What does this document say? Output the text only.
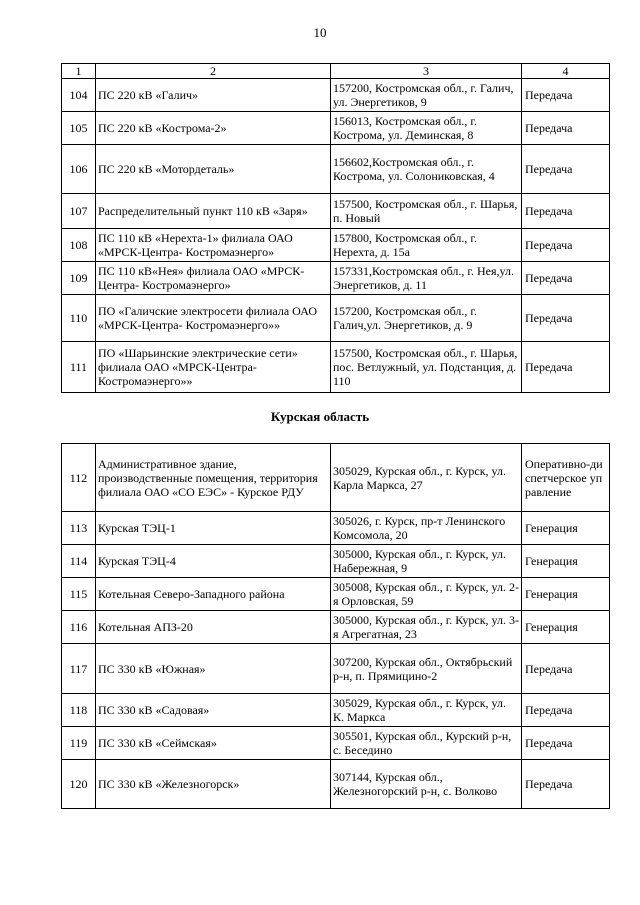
10
1	2	3	4
104	ПС 220 кВ «Галич»	157200, Костромская обл., г. Галич, ул. Энергетиков, 9	Передача
105	ПС 220 кВ «Кострома-2»	156013, Костромская обл., г. Кострома, ул. Деминская, 8	Передача
106	ПС 220 кВ «Мотордеталь»	156602,Костромская обл., г. Кострома, ул. Солониковская, 4	Передача
107	Распределительный пункт 110 кВ «Заря»	157500, Костромская обл., г. Шарья, п. Новый	Передача
108	ПС 110 кВ «Нерехта-1» филиала ОАО «МРСК-Центра- Костромаэнерго»	157800, Костромская обл., г. Нерехта, д. 15а	Передача
109	ПС 110 кВ«Нея» филиала ОАО «МРСК-Центра- Костромаэнерго»	157331,Костромская обл., г. Нея,ул. Энергетиков, д. 11	Передача
110	ПО «Галичские электросети филиала ОАО «МРСК-Центра- Костромаэнерго»»	157200, Костромская обл., г. Галич,ул. Энергетиков, д. 9	Передача
111	ПО «Шарьинские электрические сети» филиала ОАО «МРСК-Центра- Костромаэнерго»»	157500, Костромская обл., г. Шарья, пос. Ветлужный, ул. Подстанция, д. 110	Передача
Курская область
112	Административное здание, производственные помещения, территория филиала ОАО «СО ЕЭС» - Курское РДУ	305029, Курская обл., г. Курск, ул. Карла Маркса, 27	Оперативно-диспетчерское управление
113	Курская ТЭЦ-1	305026, г. Курск, пр-т Ленинского Комсомола, 20	Генерация
114	Курская ТЭЦ-4	305000, Курская обл., г. Курск, ул. Набережная, 9	Генерация
115	Котельная Северо-Западного района	305008, Курская обл., г. Курск, ул. 2-я Орловская, 59	Генерация
116	Котельная АПЗ-20	305000, Курская обл., г. Курск, ул. 3-я Агрегатная, 23	Генерация
117	ПС 330 кВ «Южная»	307200, Курская обл., Октябрьский р-н, п. Прямицино-2	Передача
118	ПС 330 кВ «Садовая»	305029, Курская обл., г. Курск, ул. К. Маркса	Передача
119	ПС 330 кВ «Сеймская»	305501, Курская обл., Курский р-н, с. Беседино	Передача
120	ПС 330 кВ «Железногорск»	307144, Курская обл., Железногорский р-н, с. Волково	Передача
